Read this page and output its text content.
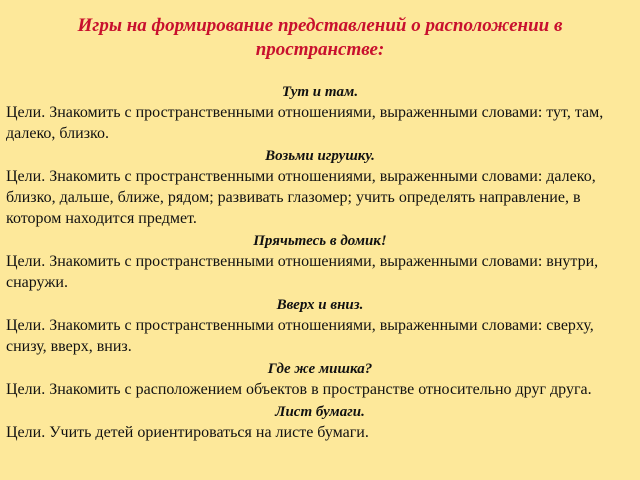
Игры на формирование представлений о расположении в пространстве:
Тут и там.
Цели. Знакомить с пространственными отношениями, выраженными словами: тут, там, далеко, близко.
Возьми игрушку.
Цели. Знакомить с пространственными отношениями, выраженными словами: далеко, близко, дальше, ближе, рядом; развивать глазомер; учить определять направление, в котором находится предмет.
Прячьтесь в домик!
Цели. Знакомить с пространственными отношениями, выраженными словами: внутри, снаружи.
Вверх и вниз.
Цели. Знакомить с пространственными отношениями, выраженными словами: сверху, снизу, вверх, вниз.
Где же мишка?
Цели. Знакомить с расположением объектов в пространстве относительно друг друга.
Лист бумаги.
Цели. Учить детей ориентироваться на листе бумаги.
